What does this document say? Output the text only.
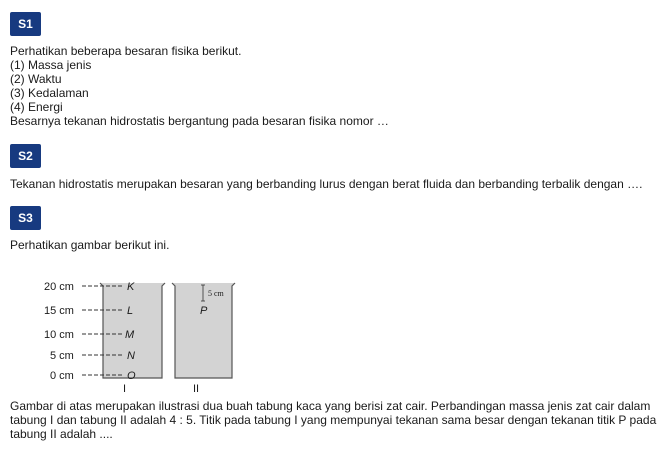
S1
Perhatikan beberapa besaran fisika berikut.
(1) Massa jenis
(2) Waktu
(3) Kedalaman
(4) Energi
Besarnya tekanan hidrostatis bergantung pada besaran fisika nomor …
S2
Tekanan hidrostatis merupakan besaran yang berbanding lurus dengan berat fluida dan berbanding terbalik dengan ….
S3
Perhatikan gambar berikut ini.
20 cm
15 cm
10 cm
5 cm
0 cm
K
L
M
N
O
P
5 cm
I	II
Gambar di atas merupakan ilustrasi dua buah tabung kaca yang berisi zat cair. Perbandingan massa jenis zat cair dalam tabung I dan tabung II adalah 4 : 5. Titik pada tabung I yang mempunyai tekanan sama besar dengan tekanan titik P pada tabung II adalah ....
